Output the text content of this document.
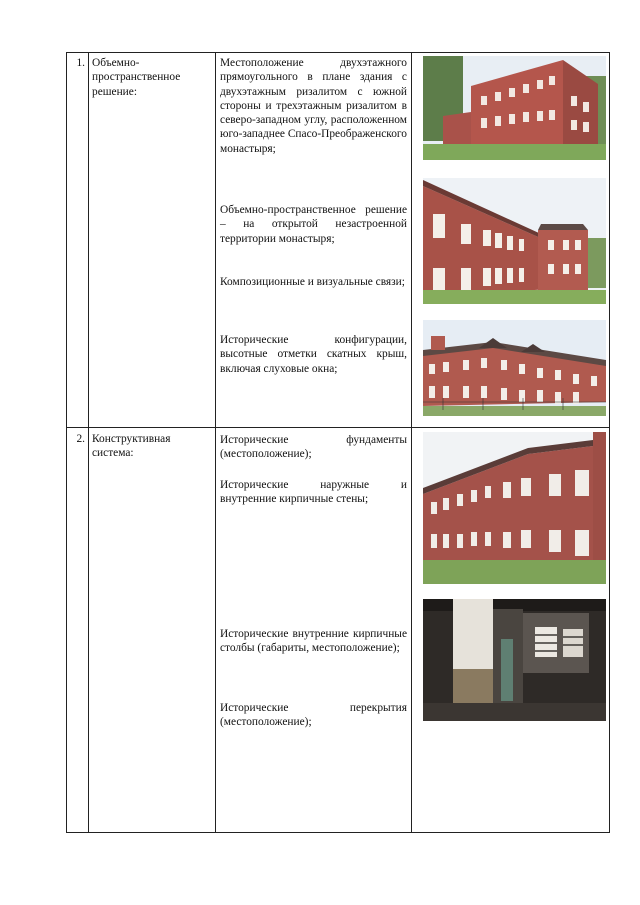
1. Объемно-пространственное решение:
Местоположение двухэтажного прямоугольного в плане здания с двухэтажным ризалитом с южной стороны и трехэтажным ризалитом в северо-западном углу, расположенном юго-западнее Спасо-Преображенского монастыря;
Объемно-пространственное решение – на открытой незастроенной территории монастыря;
Композиционные и визуальные связи;
Исторические конфигурации, высотные отметки скатных крыш, включая слуховые окна;
2. Конструктивная система:
Исторические фундаменты (местоположение);
Исторические наружные и внутренние кирпичные стены;
Исторические внутренние кирпичные столбы (габариты, местоположение);
Исторические перекрытия (местоположение);
